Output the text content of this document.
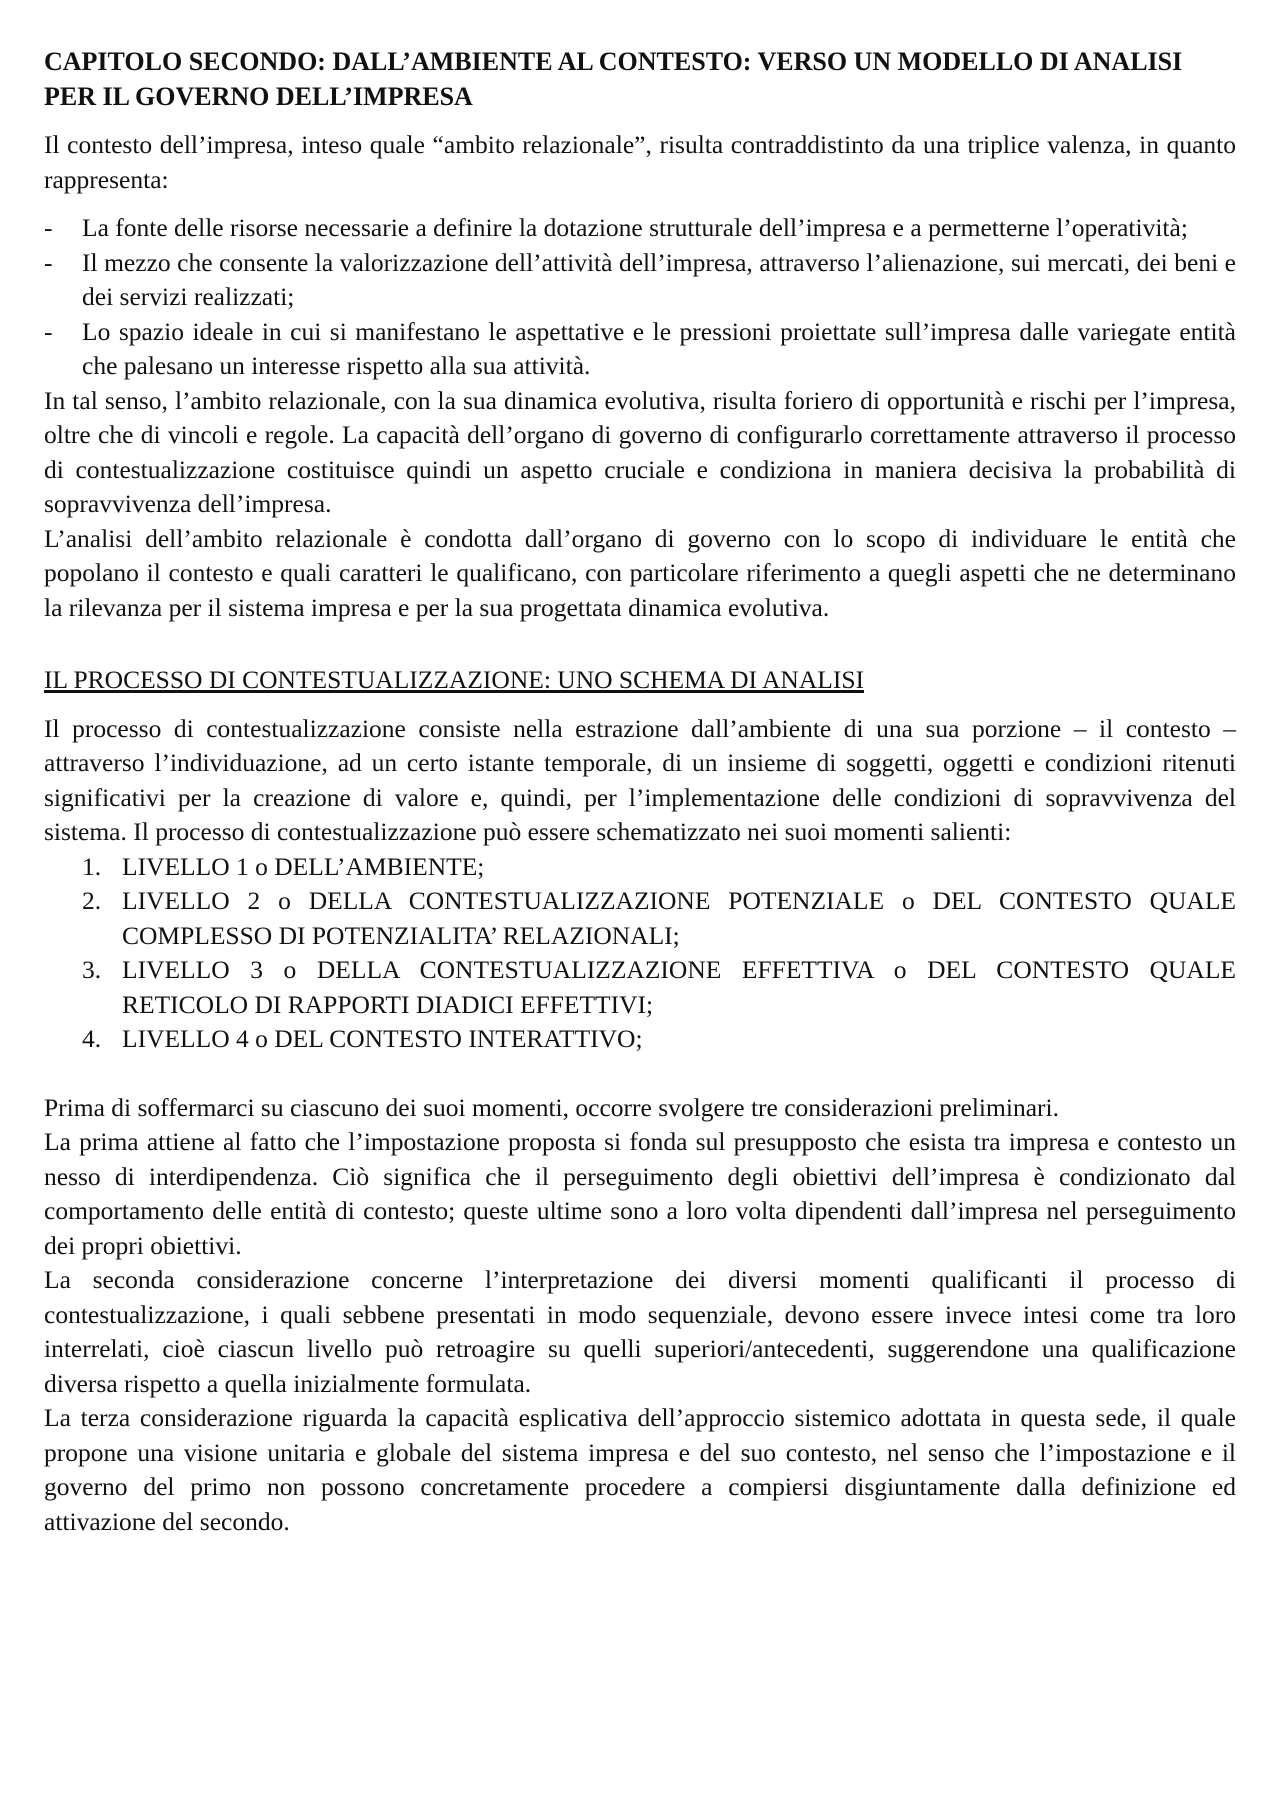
CAPITOLO SECONDO: DALL’AMBIENTE AL CONTESTO: VERSO UN MODELLO DI ANALISI PER IL GOVERNO DELL’IMPRESA

Il contesto dell’impresa, inteso quale “ambito relazionale”, risulta contraddistinto da una triplice valenza, in quanto rappresenta:

- La fonte delle risorse necessarie a definire la dotazione strutturale dell’impresa e a permetterne l’operatività;
- Il mezzo che consente la valorizzazione dell’attività dell’impresa, attraverso l’alienazione, sui mercati, dei beni e dei servizi realizzati;
- Lo spazio ideale in cui si manifestano le aspettative e le pressioni proiettate sull’impresa dalle variegate entità che palesano un interesse rispetto alla sua attività.

In tal senso, l’ambito relazionale, con la sua dinamica evolutiva, risulta foriero di opportunità e rischi per l’impresa, oltre che di vincoli e regole. La capacità dell’organo di governo di configurarlo correttamente attraverso il processo di contestualizzazione costituisce quindi un aspetto cruciale e condiziona in maniera decisiva la probabilità di sopravvivenza dell’impresa.

L’analisi dell’ambito relazionale è condotta dall’organo di governo con lo scopo di individuare le entità che popolano il contesto e quali caratteri le qualificano, con particolare riferimento a quegli aspetti che ne determinano la rilevanza per il sistema impresa e per la sua progettata dinamica evolutiva.

IL PROCESSO DI CONTESTUALIZZAZIONE: UNO SCHEMA DI ANALISI

Il processo di contestualizzazione consiste nella estrazione dall’ambiente di una sua porzione – il contesto – attraverso l’individuazione, ad un certo istante temporale, di un insieme di soggetti, oggetti e condizioni ritenuti significativi per la creazione di valore e, quindi, per l’implementazione delle condizioni di sopravvivenza del sistema. Il processo di contestualizzazione può essere schematizzato nei suoi momenti salienti:

1. LIVELLO 1 o DELL’AMBIENTE;
2. LIVELLO 2 o DELLA CONTESTUALIZZAZIONE POTENZIALE o DEL CONTESTO QUALE COMPLESSO DI POTENZIALITA’ RELAZIONALI;
3. LIVELLO 3 o DELLA CONTESTUALIZZAZIONE EFFETTIVA o DEL CONTESTO QUALE RETICOLO DI RAPPORTI DIADICI EFFETTIVI;
4. LIVELLO 4 o DEL CONTESTO INTERATTIVO;

Prima di soffermarci su ciascuno dei suoi momenti, occorre svolgere tre considerazioni preliminari.

La prima attiene al fatto che l’impostazione proposta si fonda sul presupposto che esista tra impresa e contesto un nesso di interdipendenza. Ciò significa che il perseguimento degli obiettivi dell’impresa è condizionato dal comportamento delle entità di contesto; queste ultime sono a loro volta dipendenti dall’impresa nel perseguimento dei propri obiettivi.

La seconda considerazione concerne l’interpretazione dei diversi momenti qualificanti il processo di contestualizzazione, i quali sebbene presentati in modo sequenziale, devono essere invece intesi come tra loro interrelati, cioè ciascun livello può retroagire su quelli superiori/antecedenti, suggerendone una qualificazione diversa rispetto a quella inizialmente formulata.

La terza considerazione riguarda la capacità esplicativa dell’approccio sistemico adottata in questa sede, il quale propone una visione unitaria e globale del sistema impresa e del suo contesto, nel senso che l’impostazione e il governo del primo non possono concretamente procedere a compiersi disgiuntamente dalla definizione ed attivazione del secondo.
